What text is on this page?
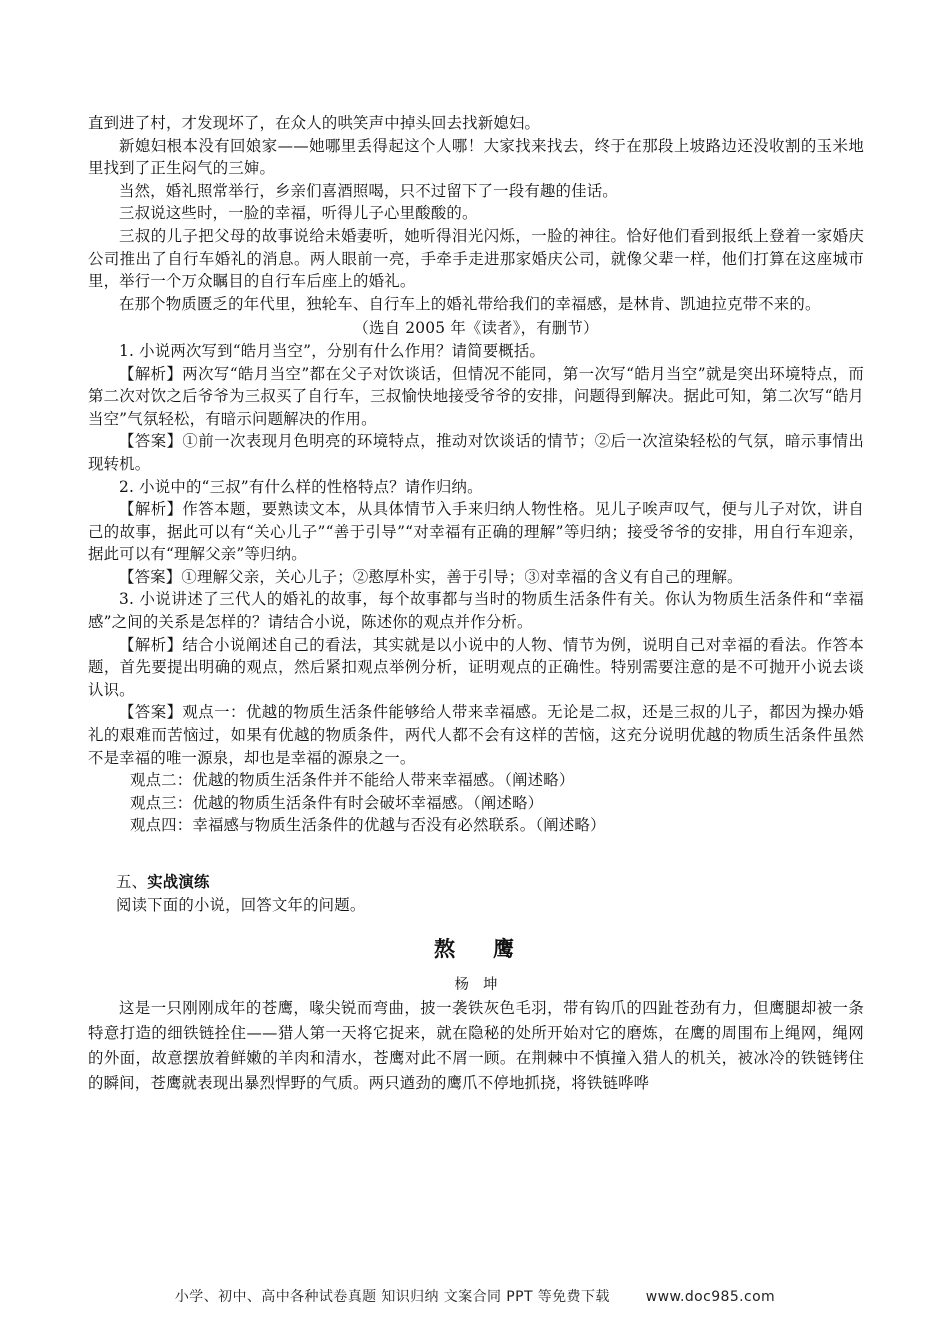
直到进了村，才发现坏了，在众人的哄笑声中掉头回去找新媳妇。

新媳妇根本没有回娘家——她哪里丢得起这个人哪！大家找来找去，终于在那段上坡路边还没收割的玉米地里找到了正生闷气的三婶。

当然，婚礼照常举行，乡亲们喜酒照喝，只不过留下了一段有趣的佳话。

三叔说这些时，一脸的幸福，听得儿子心里酸酸的。

三叔的儿子把父母的故事说给未婚妻听，她听得泪光闪烁，一脸的神往。恰好他们看到报纸上登着一家婚庆公司推出了自行车婚礼的消息。两人眼前一亮，手牵手走进那家婚庆公司，就像父辈一样，他们打算在这座城市里，举行一个万众瞩目的自行车后座上的婚礼。

在那个物质匮乏的年代里，独轮车、自行车上的婚礼带给我们的幸福感，是林肯、凯迪拉克带不来的。

（选自 2005 年《读者》，有删节）

1. 小说两次写到“皓月当空”，分别有什么作用？请简要概括。

【解析】两次写“皓月当空”都在父子对饮谈话，但情况不能同，第一次写“皓月当空”就是突出环境特点，而第二次对饮之后爷爷为三叔买了自行车，三叔愉快地接受爷爷的安排，问题得到解决。据此可知，第二次写“皓月当空”气氛轻松，有暗示问题解决的作用。

【答案】①前一次表现月色明亮的环境特点，推动对饮谈话的情节；②后一次渲染轻松的气氛，暗示事情出现转机。

2. 小说中的“三叔”有什么样的性格特点？请作归纳。

【解析】作答本题，要熟读文本，从具体情节入手来归纳人物性格。见儿子唉声叹气，便与儿子对饮，讲自己的故事，据此可以有“关心儿子”“善于引导”“对幸福有正确的理解”等归纳；接受爷爷的安排，用自行车迎亲，据此可以有“理解父亲”等归纳。

【答案】①理解父亲，关心儿子；②憨厚朴实，善于引导；③对幸福的含义有自己的理解。

3. 小说讲述了三代人的婚礼的故事，每个故事都与当时的物质生活条件有关。你认为物质生活条件和“幸福感”之间的关系是怎样的？请结合小说，陈述你的观点并作分析。

【解析】结合小说阐述自己的看法，其实就是以小说中的人物、情节为例，说明自己对幸福的看法。作答本题，首先要提出明确的观点，然后紧扣观点举例分析，证明观点的正确性。特别需要注意的是不可抛开小说去谈认识。

【答案】观点一：优越的物质生活条件能够给人带来幸福感。无论是二叔，还是三叔的儿子，都因为操办婚礼的艰难而苦恼过，如果有优越的物质条件，两代人都不会有这样的苦恼，这充分说明优越的物质生活条件虽然不是幸福的唯一源泉，却也是幸福的源泉之一。

观点二：优越的物质生活条件并不能给人带来幸福感。（阐述略）

观点三：优越的物质生活条件有时会破坏幸福感。（阐述略）

观点四：幸福感与物质生活条件的优越与否没有必然联系。（阐述略）

五、实战演练

阅读下面的小说，回答文年的问题。

熬鹰
杨坤

这是一只刚刚成年的苍鹰，喙尖锐而弯曲，披一袭铁灰色毛羽，带有钩爪的四趾苍劲有力，但鹰腿却被一条特意打造的细铁链拴住——猎人第一天将它捉来，就在隐秘的处所开始对它的磨炼，在鹰的周围布上绳网，绳网的外面，故意摆放着鲜嫩的羊肉和清水，苍鹰对此不屑一顾。在荆棘中不慎撞入猎人的机关，被冰冷的铁链铐住的瞬间，苍鹰就表现出暴烈悍野的气质。两只遒劲的鹰爪不停地抓挠，将铁链哗哗

小学、初中、高中各种试卷真题 知识归纳 文案合同 PPT 等免费下载	www.doc985.com
